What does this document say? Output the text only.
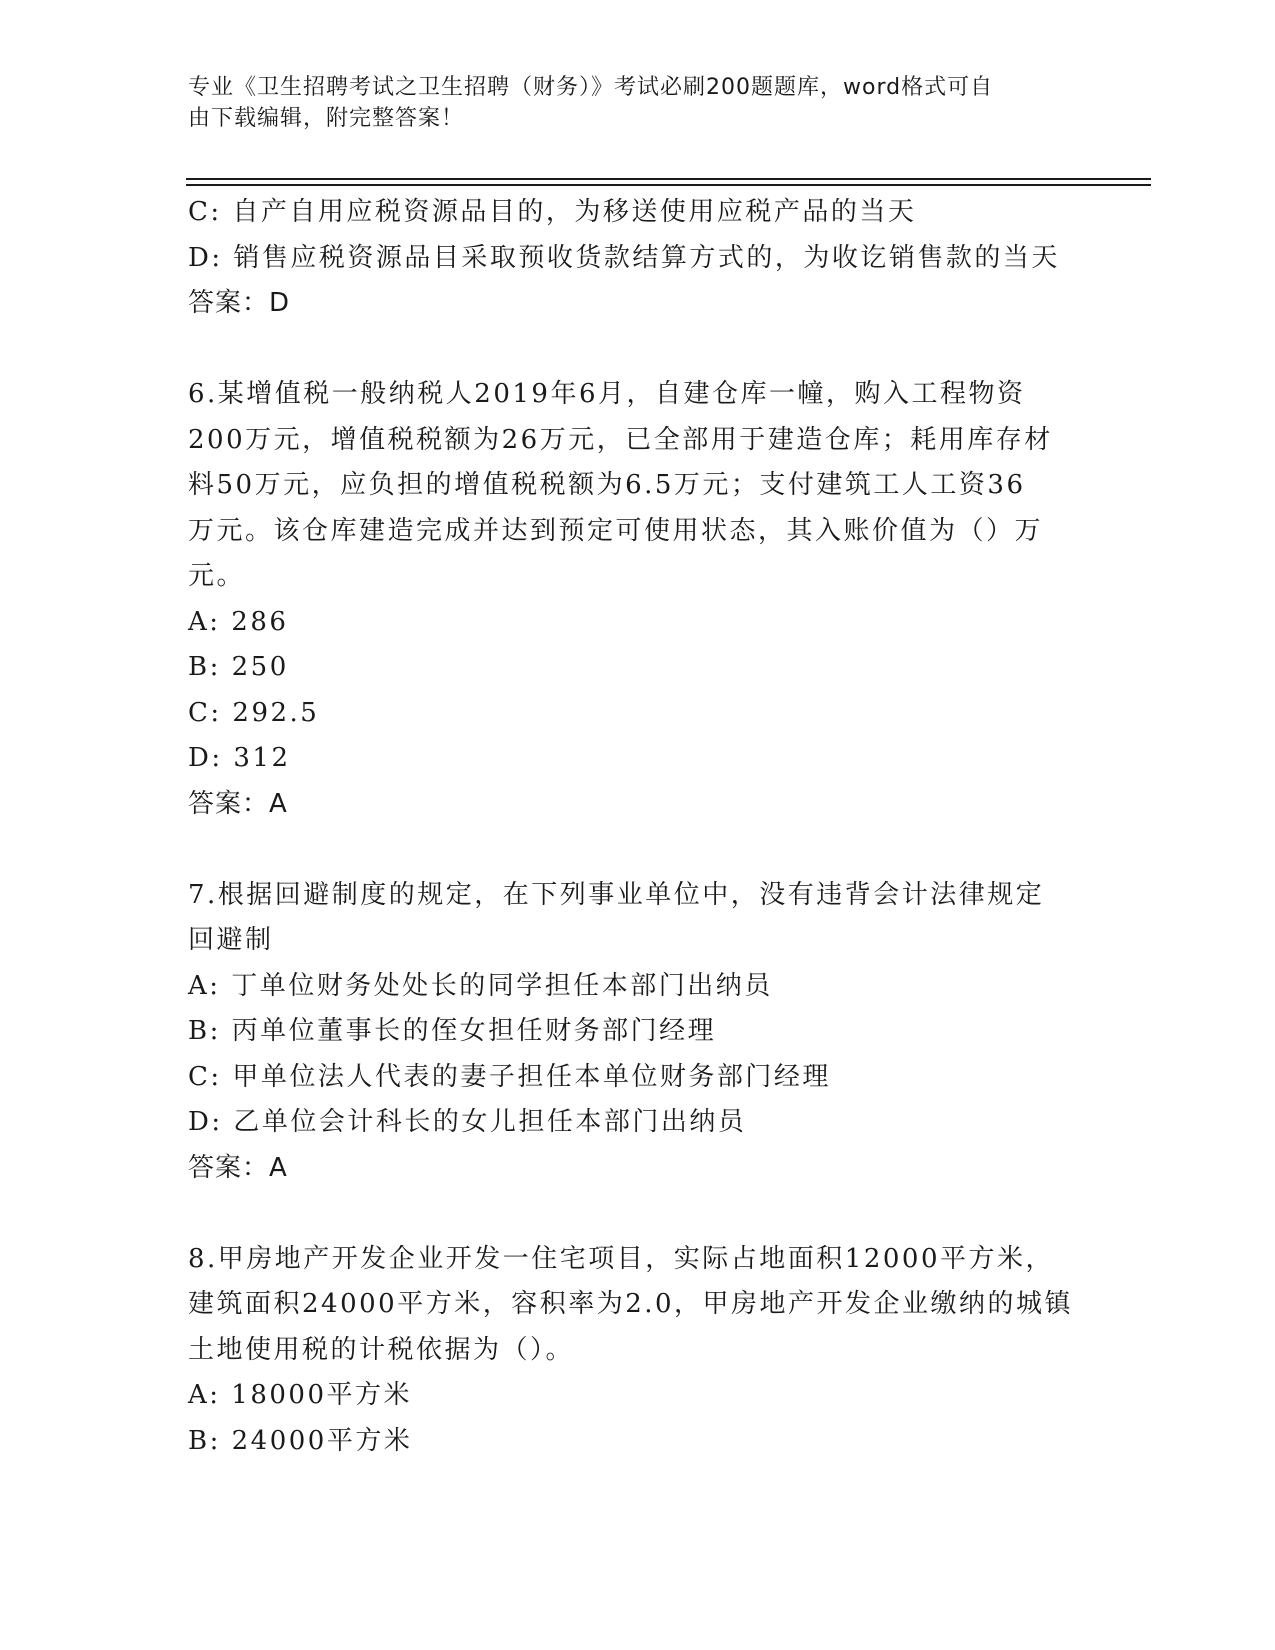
专业《卫生招聘考试之卫生招聘（财务）》考试必刷200题题库，word格式可自

由下载编辑，附完整答案！

C: 自产自用应税资源品目的，为移送使用应税产品的当天
D: 销售应税资源品目采取预收货款结算方式的，为收讫销售款的当天
答案：D
6.某增值税一般纳税人2019年6月，自建仓库一幢，购入工程物资
200万元，增值税税额为26万元，已全部用于建造仓库；耗用库存材
料50万元，应负担的增值税税额为6.5万元；支付建筑工人工资36
万元。该仓库建造完成并达到预定可使用状态，其入账价值为（）万
元。
A: 286
B: 250
C: 292.5
D: 312
答案：A
7.根据回避制度的规定，在下列事业单位中，没有违背会计法律规定
回避制
A: 丁单位财务处处长的同学担任本部门出纳员
B: 丙单位董事长的侄女担任财务部门经理
C: 甲单位法人代表的妻子担任本单位财务部门经理
D: 乙单位会计科长的女儿担任本部门出纳员
答案：A
8.甲房地产开发企业开发一住宅项目，实际占地面积12000平方米，
建筑面积24000平方米，容积率为2.0，甲房地产开发企业缴纳的城镇
土地使用税的计税依据为（）。
A: 18000平方米
B: 24000平方米
